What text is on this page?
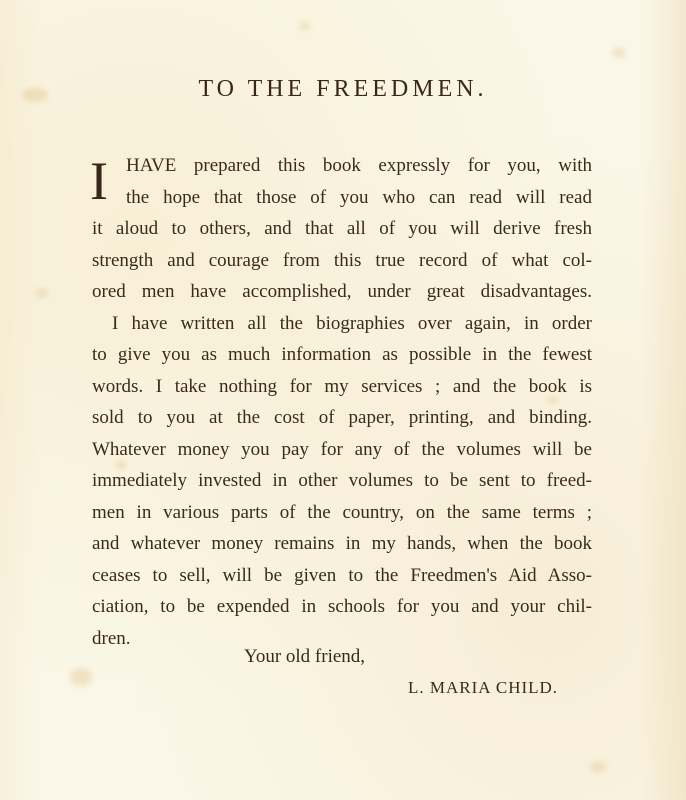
TO THE FREEDMEN.
I HAVE prepared this book expressly for you, with
the hope that those of you who can read will read
it aloud to others, and that all of you will derive fresh
strength and courage from this true record of what col-
ored men have accomplished, under great disadvantages.
I have written all the biographies over again, in order
to give you as much information as possible in the fewest
words. I take nothing for my services ; and the book is
sold to you at the cost of paper, printing, and binding.
Whatever money you pay for any of the volumes will be
immediately invested in other volumes to be sent to freed-
men in various parts of the country, on the same terms ;
and whatever money remains in my hands, when the book
ceases to sell, will be given to the Freedmen's Aid Asso-
ciation, to be expended in schools for you and your chil-
dren.
Your old friend,
L. MARIA CHILD.
